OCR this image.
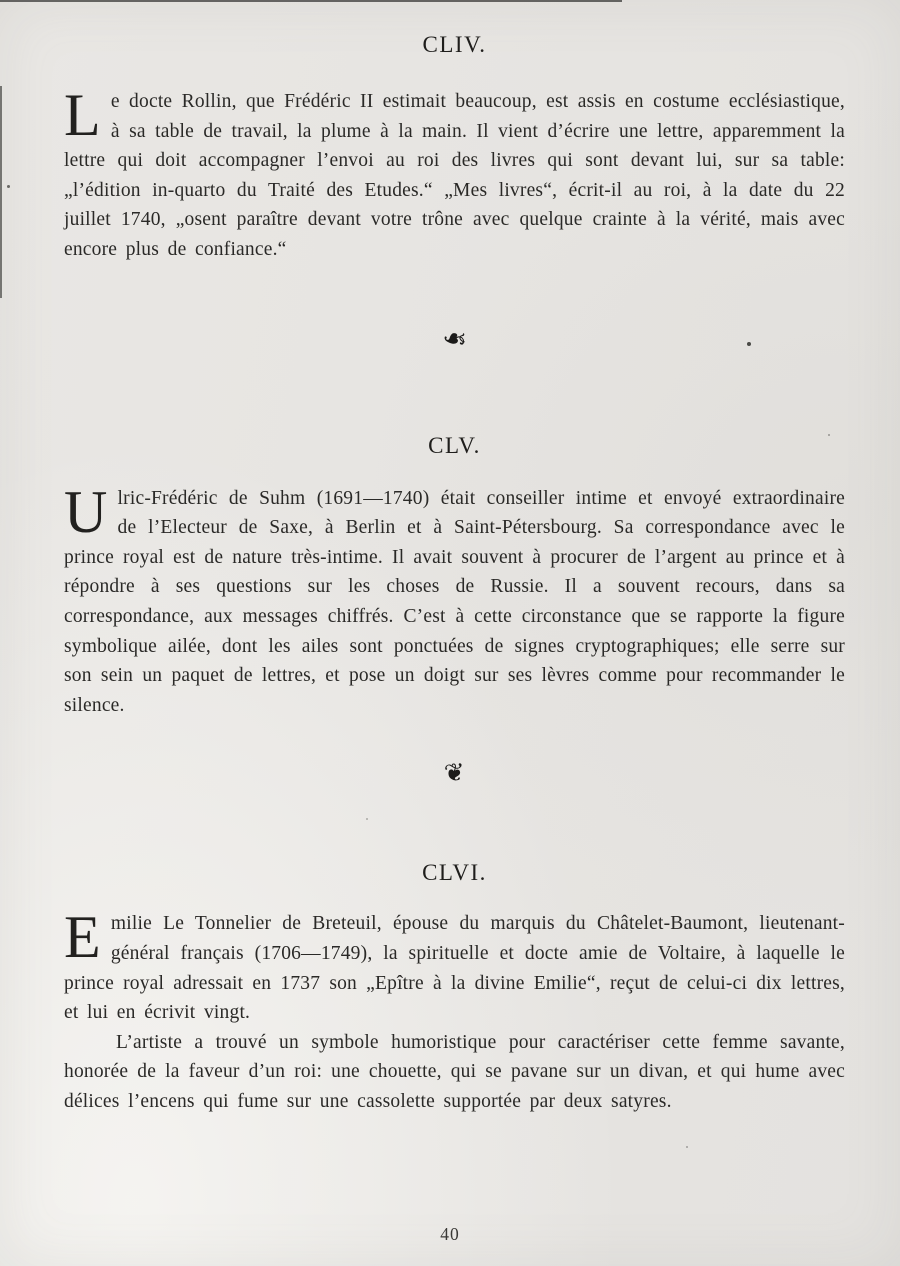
CLIV.

Le docte Rollin, que Frédéric II estimait beaucoup, est assis en costume ecclésiastique, à sa table de travail, la plume à la main. Il vient d’écrire une lettre, apparemment la lettre qui doit accompagner l’envoi au roi des livres qui sont devant lui, sur sa table: „l’édition in-quarto du Traité des Etudes.“ „Mes livres“, écrit-il au roi, à la date du 22 juillet 1740, „osent paraître devant votre trône avec quelque crainte à la vérité, mais avec encore plus de confiance.“

❧
CLV.

Ulric-Frédéric de Suhm (1691—1740) était conseiller intime et envoyé extraordinaire de l’Electeur de Saxe, à Berlin et à Saint-Pétersbourg. Sa correspondance avec le prince royal est de nature très-intime. Il avait souvent à procurer de l’argent au prince et à répondre à ses questions sur les choses de Russie. Il a souvent recours, dans sa correspondance, aux messages chiffrés. C’est à cette circonstance que se rapporte la figure symbolique ailée, dont les ailes sont ponctuées de signes cryptographiques; elle serre sur son sein un paquet de lettres, et pose un doigt sur ses lèvres comme pour recommander le silence.

❦
CLVI.

Emilie Le Tonnelier de Breteuil, épouse du marquis du Châtelet-Baumont, lieutenant-général français (1706—1749), la spirituelle et docte amie de Voltaire, à laquelle le prince royal adressait en 1737 son „Epître à la divine Emilie“, reçut de celui-ci dix lettres, et lui en écrivit vingt.

L’artiste a trouvé un symbole humoristique pour caractériser cette femme savante, honorée de la faveur d’un roi: une chouette, qui se pavane sur un divan, et qui hume avec délices l’encens qui fume sur une cassolette supportée par deux satyres.

40
